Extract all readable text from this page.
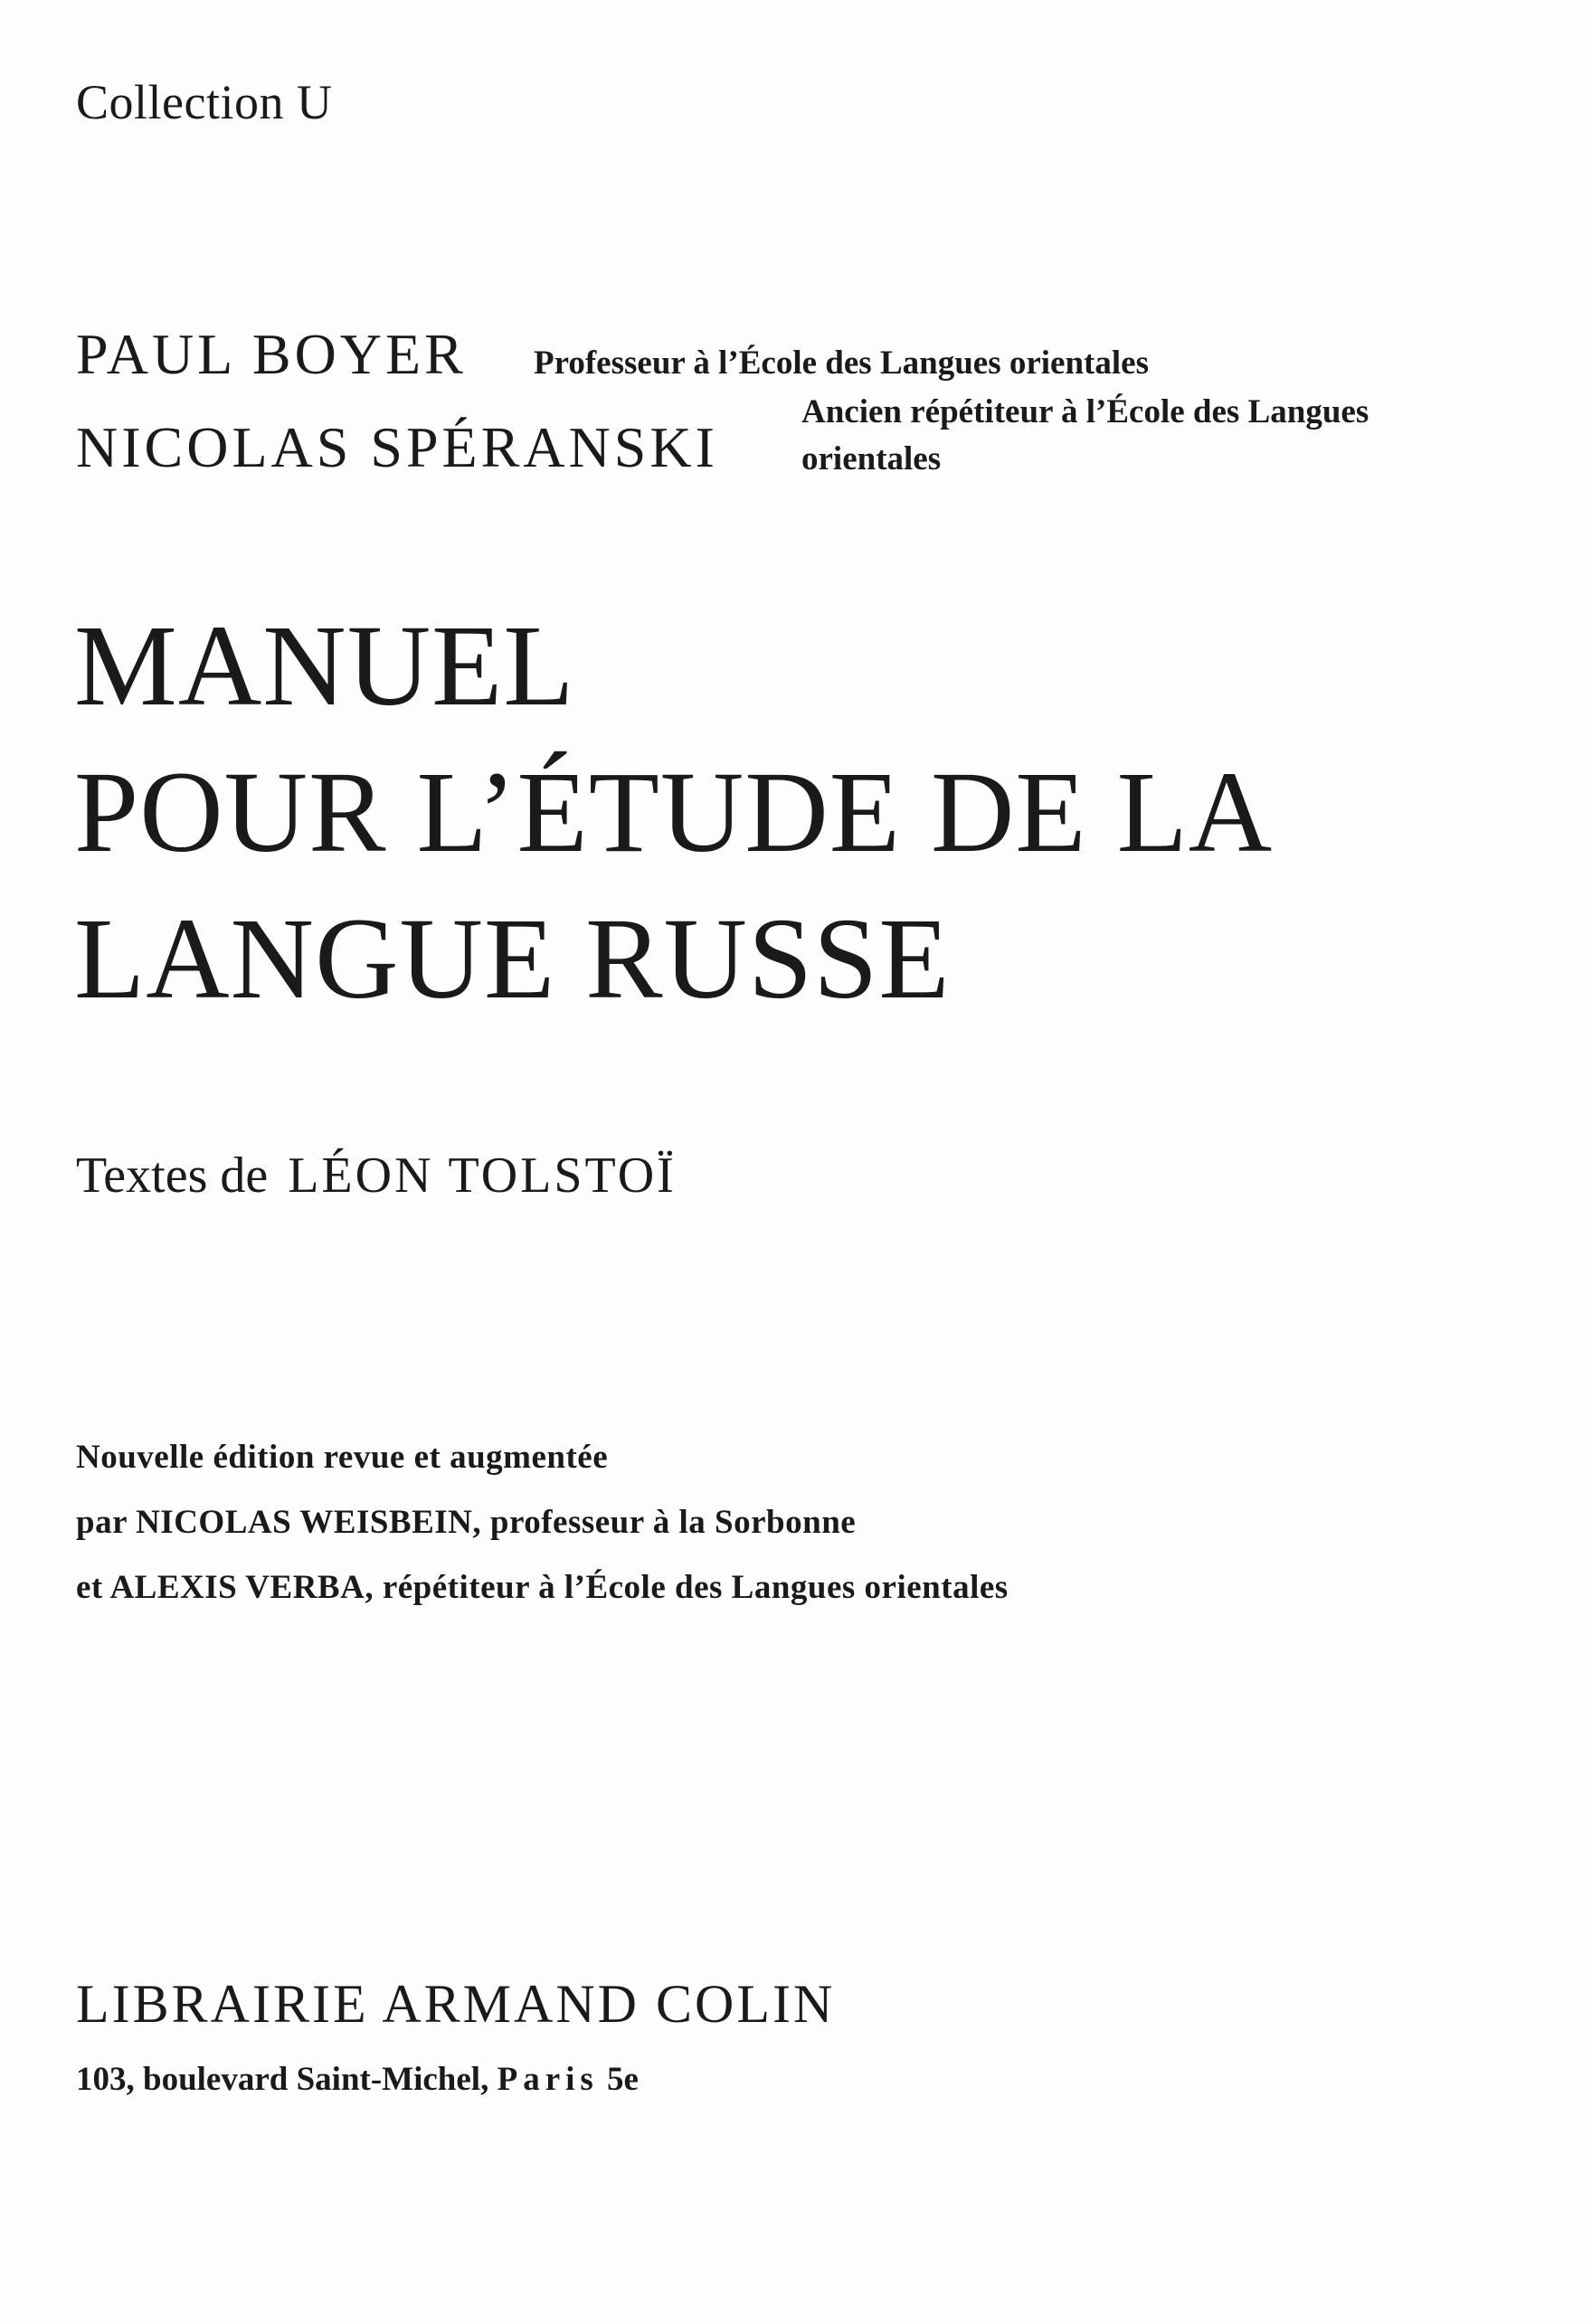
Collection U
PAUL BOYER Professeur à l’École des Langues orientales
NICOLAS SPÉRANSKI
Ancien répétiteur à l’École des Langues
orientales
MANUEL
POUR L’ÉTUDE DE LA
LANGUE RUSSE
Textes de LÉON TOLSTOÏ
Nouvelle édition revue et augmentée
par NICOLAS WEISBEIN, professeur à la Sorbonne
et ALEXIS VERBA, répétiteur à l’École des Langues orientales
LIBRAIRIE ARMAND COLIN
103, boulevard Saint-Michel, Paris 5e
